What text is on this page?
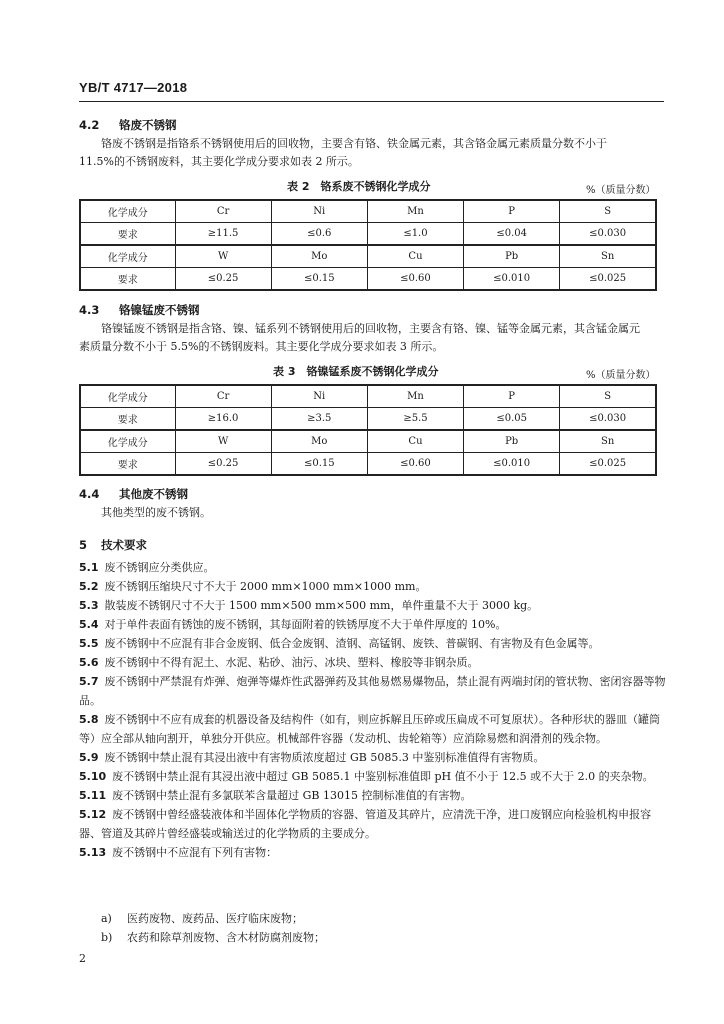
YB/T 4717—2018
4.2 铬废不锈钢
铬废不锈钢是指铬系不锈钢使用后的回收物，主要含有铬、铁金属元素，其含铬金属元素质量分数不小于 11.5%的不锈钢废料，其主要化学成分要求如表 2 所示。
表 2　铬系废不锈钢化学成分	%（质量分数）
化学成分	Cr	Ni	Mn	P	S
要求	≥11.5	≤0.6	≤1.0	≤0.04	≤0.030
化学成分	W	Mo	Cu	Pb	Sn
要求	≤0.25	≤0.15	≤0.60	≤0.010	≤0.025
4.3 铬镍锰废不锈钢
铬镍锰废不锈钢是指含铬、镍、锰系列不锈钢使用后的回收物，主要含有铬、镍、锰等金属元素，其含锰金属元素质量分数不小于 5.5%的不锈钢废料。其主要化学成分要求如表 3 所示。
表 3　铬镍锰系废不锈钢化学成分	%（质量分数）
化学成分	Cr	Ni	Mn	P	S
要求	≥16.0	≥3.5	≥5.5	≤0.05	≤0.030
化学成分	W	Mo	Cu	Pb	Sn
要求	≤0.25	≤0.15	≤0.60	≤0.010	≤0.025
4.4 其他废不锈钢
其他类型的废不锈钢。
5 技术要求
5.1 废不锈钢应分类供应。
5.2 废不锈钢压缩块尺寸不大于 2000 mm×1000 mm×1000 mm。
5.3 散装废不锈钢尺寸不大于 1500 mm×500 mm×500 mm，单件重量不大于 3000 kg。
5.4 对于单件表面有锈蚀的废不锈钢，其每面附着的铁锈厚度不大于单件厚度的 10%。
5.5 废不锈钢中不应混有非合金废钢、低合金废钢、渣钢、高锰钢、废铁、普碳钢、有害物及有色金属等。
5.6 废不锈钢中不得有泥土、水泥、粘砂、油污、冰块、塑料、橡胶等非钢杂质。
5.7 废不锈钢中严禁混有炸弹、炮弹等爆炸性武器弹药及其他易燃易爆物品，禁止混有两端封闭的管状物、密闭容器等物品。
5.8 废不锈钢中不应有成套的机器设备及结构件（如有，则应拆解且压碎或压扁成不可复原状）。各种形状的器皿（罐筒等）应全部从轴向割开，单独分开供应。机械部件容器（发动机、齿轮箱等）应消除易燃和润滑剂的残余物。
5.9 废不锈钢中禁止混有其浸出液中有害物质浓度超过 GB 5085.3 中鉴别标准值得有害物质。
5.10 废不锈钢中禁止混有其浸出液中超过 GB 5085.1 中鉴别标准值即 pH 值不小于 12.5 或不大于 2.0 的夹杂物。
5.11 废不锈钢中禁止混有多氯联苯含量超过 GB 13015 控制标准值的有害物。
5.12 废不锈钢中曾经盛装液体和半固体化学物质的容器、管道及其碎片，应清洗干净，进口废钢应向检验机构申报容器、管道及其碎片曾经盛装或输送过的化学物质的主要成分。
5.13 废不锈钢中不应混有下列有害物：
a) 医药废物、废药品、医疗临床废物；
b) 农药和除草剂废物、含木材防腐剂废物；
2
